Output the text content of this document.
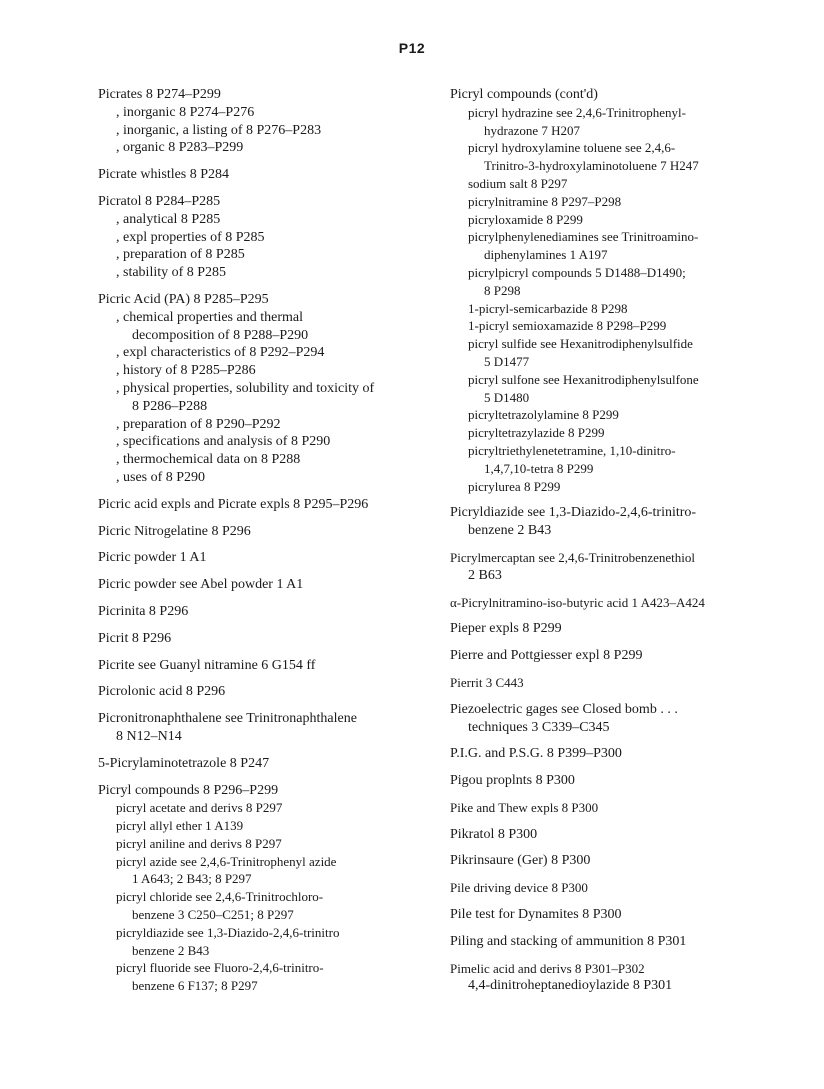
P12
Picrates 8 P274–P299
, inorganic 8 P274–P276
, inorganic, a listing of 8 P276–P283
, organic 8 P283–P299
Picrate whistles 8 P284
Picratol 8 P284–P285
, analytical 8 P285
, expl properties of 8 P285
, preparation of 8 P285
, stability of 8 P285
Picric Acid (PA) 8 P285–P295
, chemical properties and thermal
decomposition of 8 P288–P290
, expl characteristics of 8 P292–P294
, history of 8 P285–P286
, physical properties, solubility and toxicity of
8 P286–P288
, preparation of 8 P290–P292
, specifications and analysis of 8 P290
, thermochemical data on 8 P288
, uses of 8 P290
Picric acid expls and Picrate expls 8 P295–P296
Picric Nitrogelatine 8 P296
Picric powder 1 A1
Picric powder see Abel powder 1 A1
Picrinita 8 P296
Picrit 8 P296
Picrite see Guanyl nitramine 6 G154 ff
Picrolonic acid 8 P296
Picronitronaphthalene see Trinitronaphthalene
8 N12–N14
5-Picrylaminotetrazole 8 P247
Picryl compounds 8 P296–P299
picryl acetate and derivs 8 P297
picryl allyl ether 1 A139
picryl aniline and derivs 8 P297
picryl azide see 2,4,6-Trinitrophenyl azide
1 A643; 2 B43; 8 P297
picryl chloride see 2,4,6-Trinitrochloro-
benzene 3 C250–C251; 8 P297
picryldiazide see 1,3-Diazido-2,4,6-trinitro
benzene 2 B43
picryl fluoride see Fluoro-2,4,6-trinitro-
benzene 6 F137; 8 P297
Picryl compounds (cont'd)
picryl hydrazine see 2,4,6-Trinitrophenyl-
hydrazone 7 H207
picryl hydroxylamine toluene see 2,4,6-
Trinitro-3-hydroxylaminotoluene 7 H247
sodium salt 8 P297
picrylnitramine 8 P297–P298
picryloxamide 8 P299
picrylphenylenediamines see Trinitroamino-
diphenylamines 1 A197
picrylpicryl compounds 5 D1488–D1490;
8 P298
1-picryl-semicarbazide 8 P298
1-picryl semioxamazide 8 P298–P299
picryl sulfide see Hexanitrodiphenylsulfide
5 D1477
picryl sulfone see Hexanitrodiphenylsulfone
5 D1480
picryltetrazolylamine 8 P299
picryltetrazylazide 8 P299
picryltriethylenetetramine, 1,10-dinitro-
1,4,7,10-tetra 8 P299
picrylurea 8 P299
Picryldiazide see 1,3-Diazido-2,4,6-trinitro-
benzene 2 B43
Picrylmercaptan see 2,4,6-Trinitrobenzenethiol
2 B63
α-Picrylnitramino-iso-butyric acid 1 A423–A424
Pieper expls 8 P299
Pierre and Pottgiesser expl 8 P299
Pierrit 3 C443
Piezoelectric gages see Closed bomb . . .
techniques 3 C339–C345
P.I.G. and P.S.G. 8 P399–P300
Pigou proplnts 8 P300
Pike and Thew expls 8 P300
Pikratol 8 P300
Pikrinsaure (Ger) 8 P300
Pile driving device 8 P300
Pile test for Dynamites 8 P300
Piling and stacking of ammunition 8 P301
Pimelic acid and derivs 8 P301–P302
4,4-dinitroheptanedioylazide 8 P301
